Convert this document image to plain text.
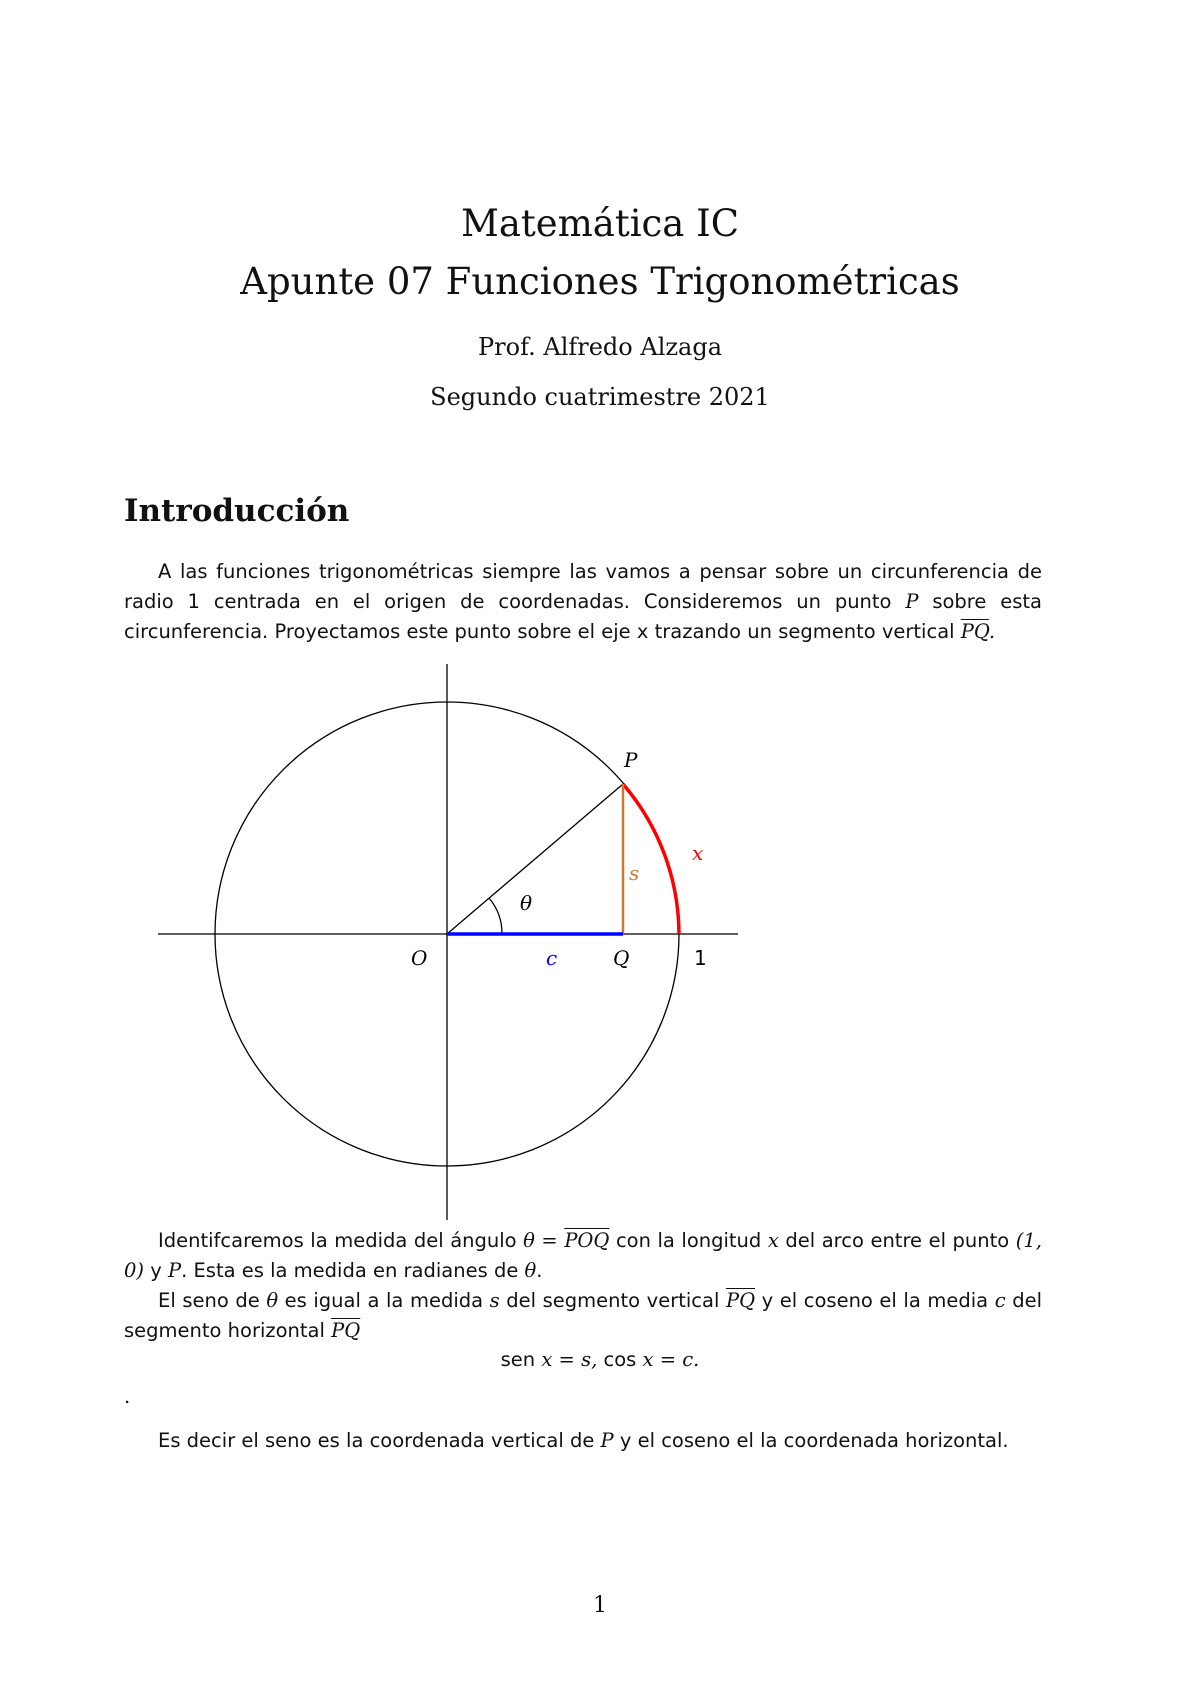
Matemática IC
Apunte 07 Funciones Trigonométricas
Prof. Alfredo Alzaga
Segundo cuatrimestre 2021
Introducción

A las funciones trigonométricas siempre las vamos a pensar sobre un circunferencia de radio 1 centrada en el origen de coordenadas. Consideremos un punto P sobre esta circunferencia. Proyectamos este punto sobre el eje x trazando un segmento vertical $\overline{PQ}$.

P
O	Q
c
s
x
θ
1

Identifcaremos la medida del ángulo $\theta = \overline{POQ}$ con la longitud x del arco entre el punto (1, 0) y P. Esta es la medida en radianes de θ.

El seno de θ es igual a la medida s del segmento vertical $\overline{PQ}$ y el coseno el la media c del segmento horizontal $\overline{PQ}$

sen x = s, cos x = c.
.

Es decir el seno es la coordenada vertical de P y el coseno el la coordenada horizontal.

1
